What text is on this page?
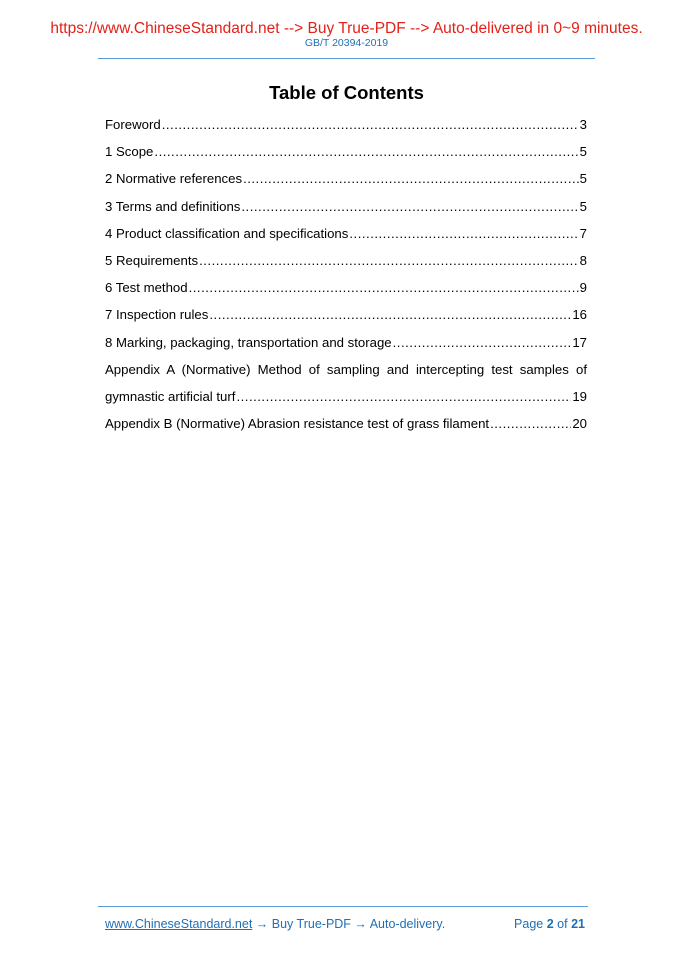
https://www.ChineseStandard.net --> Buy True-PDF --> Auto-delivered in 0~9 minutes.
GB/T 20394-2019
Table of Contents
Foreword .....	3
1 Scope .....	5
2 Normative references .....	5
3 Terms and definitions .....	5
4 Product classification and specifications .....	7
5 Requirements .....	8
6 Test method .....	9
7 Inspection rules .....	16
8 Marking, packaging, transportation and storage .....	17
Appendix A (Normative) Method of sampling and intercepting test samples of
gymnastic artificial turf .....	19
Appendix B (Normative) Abrasion resistance test of grass filament .....	20
www.ChineseStandard.net → Buy True-PDF → Auto-delivery.	Page 2 of 21
